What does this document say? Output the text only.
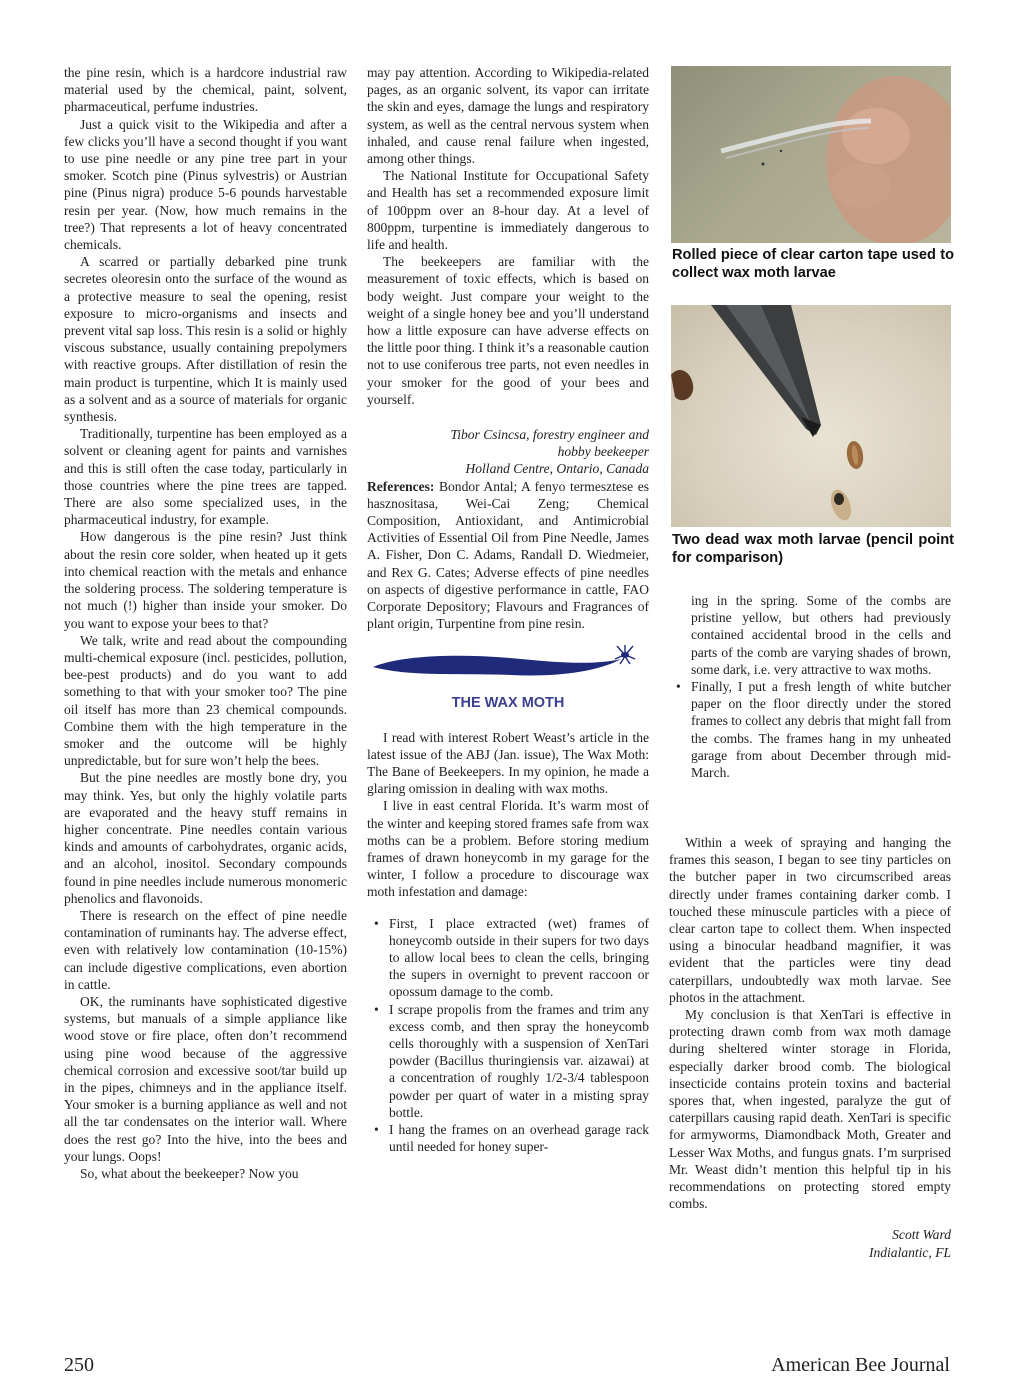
the pine resin, which is a hardcore industrial raw material used by the chemical, paint, solvent, pharmaceutical, perfume industries.

Just a quick visit to the Wikipedia and after a few clicks you’ll have a second thought if you want to use pine needle or any pine tree part in your smoker. Scotch pine (Pinus sylvestris) or Austrian pine (Pinus nigra) produce 5-6 pounds harvestable resin per year. (Now, how much remains in the tree?) That represents a lot of heavy concentrated chemicals.

A scarred or partially debarked pine trunk secretes oleoresin onto the surface of the wound as a protective measure to seal the opening, resist exposure to micro-organisms and insects and prevent vital sap loss. This resin is a solid or highly viscous substance, usually containing prepolymers with reactive groups. After distillation of resin the main product is turpentine, which It is mainly used as a solvent and as a source of materials for organic synthesis.

Traditionally, turpentine has been employed as a solvent or cleaning agent for paints and varnishes and this is still often the case today, particularly in those countries where the pine trees are tapped. There are also some specialized uses, in the pharmaceutical industry, for example.

How dangerous is the pine resin? Just think about the resin core solder, when heated up it gets into chemical reaction with the metals and enhance the soldering process. The soldering temperature is not much (!) higher than inside your smoker. Do you want to expose your bees to that?

We talk, write and read about the compounding multi-chemical exposure (incl. pesticides, pollution, bee-pest products) and do you want to add something to that with your smoker too? The pine oil itself has more than 23 chemical compounds. Combine them with the high temperature in the smoker and the outcome will be highly unpredictable, but for sure won’t help the bees.

But the pine needles are mostly bone dry, you may think. Yes, but only the highly volatile parts are evaporated and the heavy stuff remains in higher concentrate. Pine needles contain various kinds and amounts of carbohydrates, organic acids, and an alcohol, inositol. Secondary compounds found in pine needles include numerous monomeric phenolics and flavonoids.

There is research on the effect of pine needle contamination of ruminants hay. The adverse effect, even with relatively low contamination (10-15%) can include digestive complications, even abortion in cattle.

OK, the ruminants have sophisticated digestive systems, but manuals of a simple appliance like wood stove or fire place, often don’t recommend using pine wood because of the aggressive chemical corrosion and excessive soot/tar build up in the pipes, chimneys and in the appliance itself. Your smoker is a burning appliance as well and not all the tar condensates on the interior wall. Where does the rest go? Into the hive, into the bees and your lungs. Oops!

So, what about the beekeeper? Now you

may pay attention. According to Wikipedia-related pages, as an organic solvent, its vapor can irritate the skin and eyes, damage the lungs and respiratory system, as well as the central nervous system when inhaled, and cause renal failure when ingested, among other things.

The National Institute for Occupational Safety and Health has set a recommended exposure limit of 100ppm over an 8-hour day. At a level of 800ppm, turpentine is immediately dangerous to life and health.

The beekeepers are familiar with the measurement of toxic effects, which is based on body weight. Just compare your weight to the weight of a single honey bee and you’ll understand how a little exposure can have adverse effects on the little poor thing. I think it’s a reasonable caution not to use coniferous tree parts, not even needles in your smoker for the good of your bees and yourself.

Tibor Csincsa, forestry engineer and

hobby beekeeper

Holland Centre, Ontario, Canada

References: Bondor Antal; A fenyo termesztese es hasznositasa, Wei-Cai Zeng; Chemical Composition, Antioxidant, and Antimicrobial Activities of Essential Oil from Pine Needle, James A. Fisher, Don C. Adams, Randall D. Wiedmeier, and Rex G. Cates; Adverse effects of pine needles on aspects of digestive performance in cattle, FAO Corporate Depository; Flavours and Fragrances of plant origin, Turpentine from pine resin.

THE WAX MOTH

I read with interest Robert Weast’s article in the latest issue of the ABJ (Jan. issue), The Wax Moth: The Bane of Beekeepers. In my opinion, he made a glaring omission in dealing with wax moths.

I live in east central Florida. It’s warm most of the winter and keeping stored frames safe from wax moths can be a problem. Before storing medium frames of drawn honeycomb in my garage for the winter, I follow a procedure to discourage wax moth infestation and damage:

• First, I place extracted (wet) frames of honeycomb outside in their supers for two days to allow local bees to clean the cells, bringing the supers in overnight to prevent raccoon or opossum damage to the comb.
• I scrape propolis from the frames and trim any excess comb, and then spray the honeycomb cells thoroughly with a suspension of XenTari powder (Bacillus thuringiensis var. aizawai) at a concentration of roughly 1/2-3/4 tablespoon powder per quart of water in a misting spray bottle.
• I hang the frames on an overhead garage rack until needed for honey super-
Rolled piece of clear carton tape used to collect wax moth larvae
Two dead wax moth larvae (pencil point for comparison)
ing in the spring. Some of the combs are pristine yellow, but others had previously contained accidental brood in the cells and parts of the comb are varying shades of brown, some dark, i.e. very attractive to wax moths.
• Finally, I put a fresh length of white butcher paper on the floor directly under the stored frames to collect any debris that might fall from the combs. The frames hang in my unheated garage from about December through mid-March.

Within a week of spraying and hanging the frames this season, I began to see tiny particles on the butcher paper in two circumscribed areas directly under frames containing darker comb. I touched these minuscule particles with a piece of clear carton tape to collect them. When inspected using a binocular headband magnifier, it was evident that the particles were tiny dead caterpillars, undoubtedly wax moth larvae. See photos in the attachment.

My conclusion is that XenTari is effective in protecting drawn comb from wax moth damage during sheltered winter storage in Florida, especially darker brood comb. The biological insecticide contains protein toxins and bacterial spores that, when ingested, paralyze the gut of caterpillars causing rapid death. XenTari is specific for armyworms, Diamondback Moth, Greater and Lesser Wax Moths, and fungus gnats. I’m surprised Mr. Weast didn’t mention this helpful tip in his recommendations on protecting stored empty combs.

Scott Ward

Indialantic, FL

250	American Bee Journal
